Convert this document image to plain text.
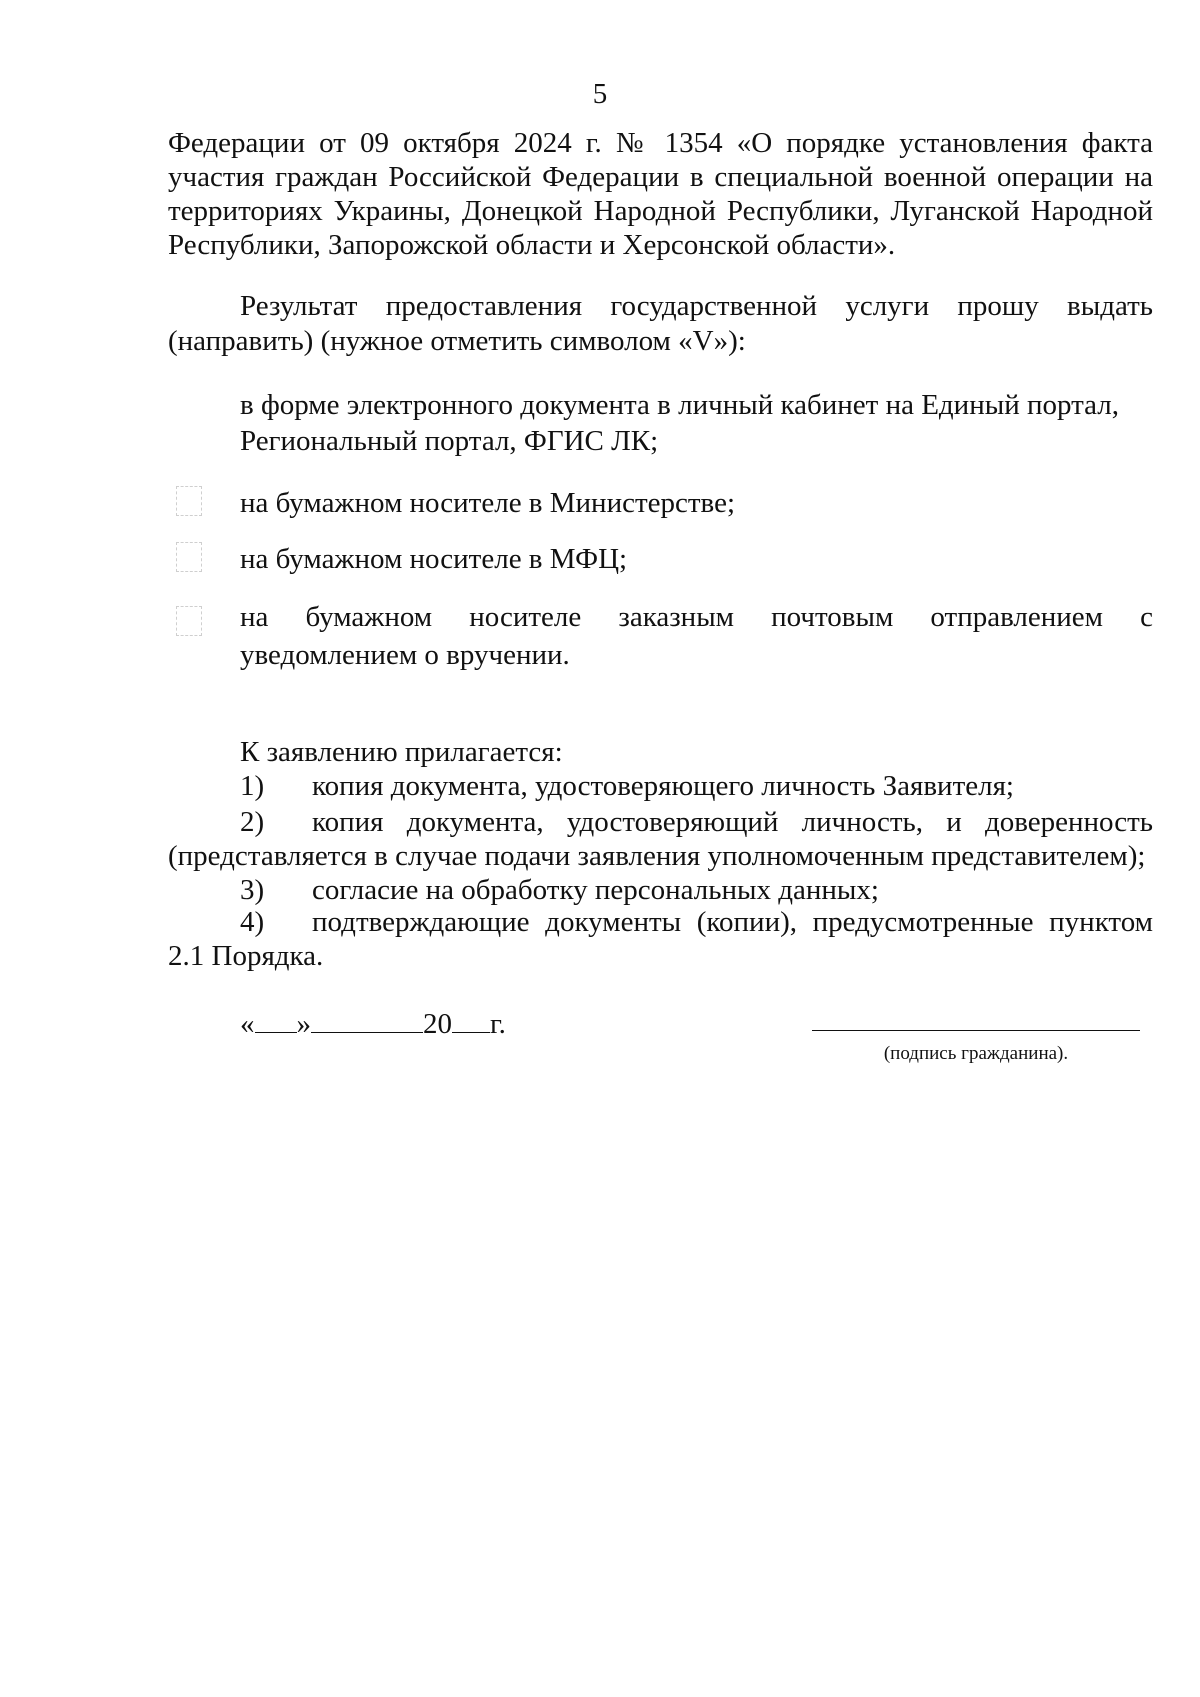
5
Федерации от 09 октября 2024 г. № 1354 «О порядке установления факта
участия граждан Российской Федерации в специальной военной операции на
территориях Украины, Донецкой Народной Республики, Луганской Народной
Республики, Запорожской области и Херсонской области».
Результат предоставления государственной услуги прошу выдать
(направить) (нужное отметить символом «V»):
в форме электронного документа в личный кабинет на Единый портал,
Региональный портал, ФГИС ЛК;
на бумажном носителе в Министерстве;
на бумажном носителе в МФЦ;
на бумажном носителе заказным почтовым отправлением с
уведомлением о вручении.
К заявлению прилагается:
1)	копия документа, удостоверяющего личность Заявителя;
2)	копия документа, удостоверяющий личность, и доверенность
(представляется в случае подачи заявления уполномоченным представителем);
3)	согласие на обработку персональных данных;
4)	подтверждающие документы (копии), предусмотренные пунктом
2.1 Порядка.
« »	20 г.
(подпись гражданина).
